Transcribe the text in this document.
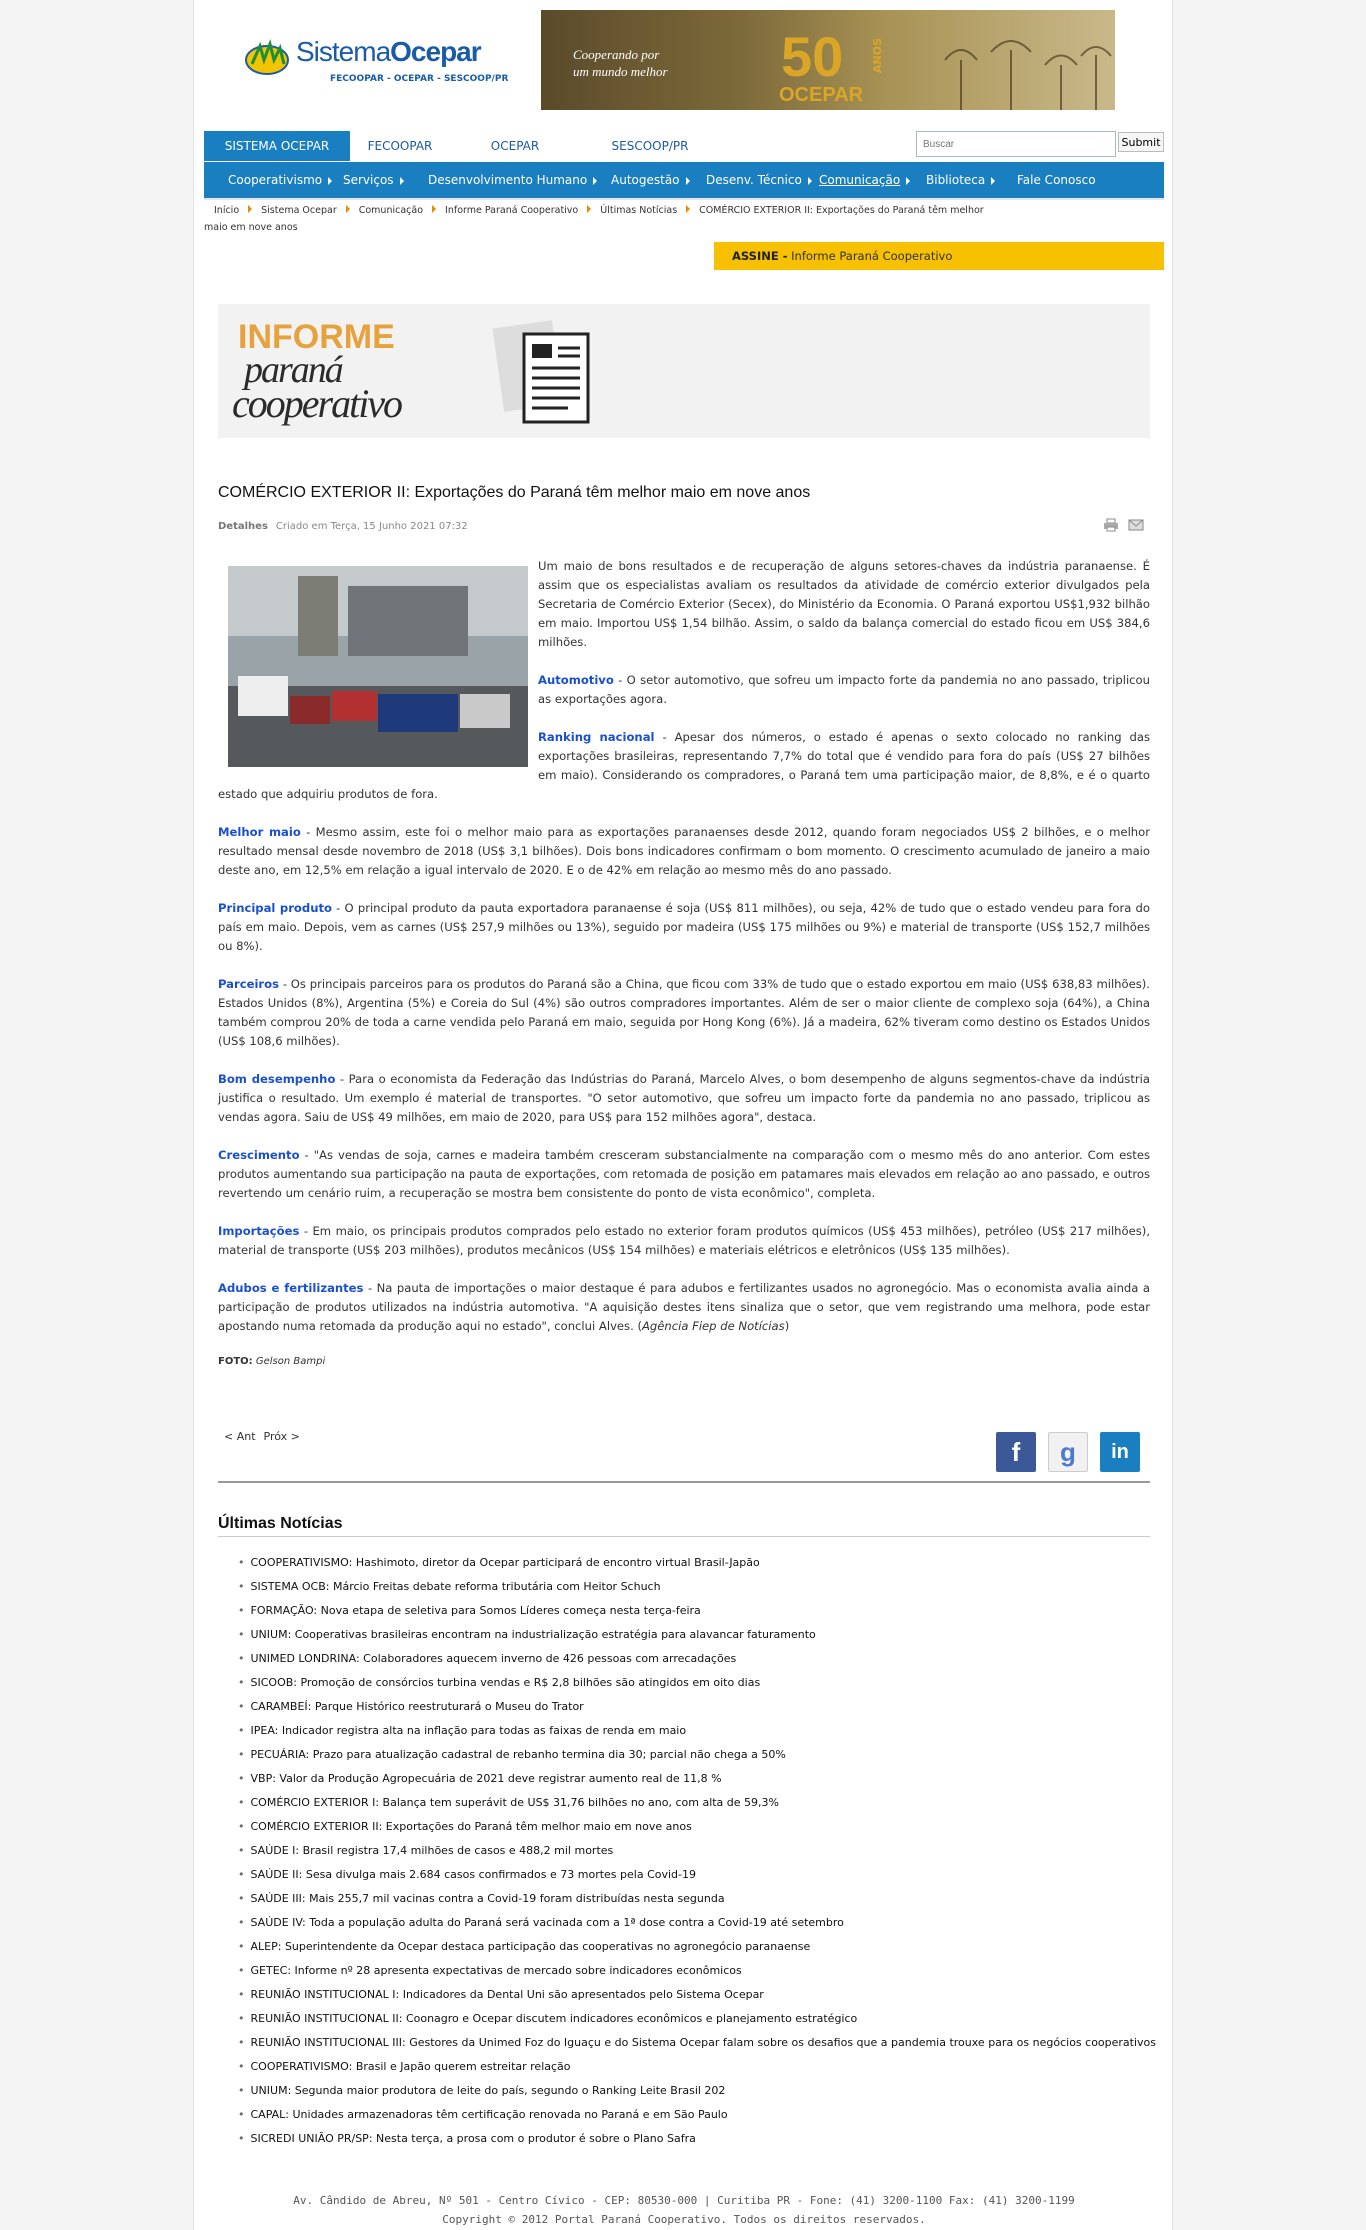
SistemaOcepar
FECOOPAR - OCEPAR - SESCOOP/PR
Cooperando por
um mundo melhor 50	ANOS
OCEPAR
SISTEMA OCEPAR	FECOOPAR	OCEPAR	SESCOOP/PR
Buscar	Submit
Cooperativismo	Serviços	Desenvolvimento Humano	Autogestão	Desenv. Técnico	Comunicação	Biblioteca	Fale Conosco
Início Sistema Ocepar Comunicação Informe Paraná Cooperativo Últimas Notícias COMÉRCIO EXTERIOR II: Exportações do Paraná têm melhor maio em nove anos
ASSINE - Informe Paraná Cooperativo
INFORME
paraná
cooperativo
COMÉRCIO EXTERIOR II: Exportações do Paraná têm melhor maio em nove anos
Detalhes Criado em Terça, 15 Junho 2021 07:32

Um maio de bons resultados e de recuperação de alguns setores-chaves da indústria paranaense. É assim que os especialistas avaliam os resultados da atividade de comércio exterior divulgados pela Secretaria de Comércio Exterior (Secex), do Ministério da Economia. O Paraná exportou US$1,932 bilhão em maio. Importou US$ 1,54 bilhão. Assim, o saldo da balança comercial do estado ficou em US$ 384,6 milhões.

Automotivo - O setor automotivo, que sofreu um impacto forte da pandemia no ano passado, triplicou as exportações agora.

Ranking nacional - Apesar dos números, o estado é apenas o sexto colocado no ranking das exportações brasileiras, representando 7,7% do total que é vendido para fora do país (US$ 27 bilhões em maio). Considerando os compradores, o Paraná tem uma participação maior, de 8,8%, e é o quarto estado que adquiriu produtos de fora.

Melhor maio - Mesmo assim, este foi o melhor maio para as exportações paranaenses desde 2012, quando foram negociados US$ 2 bilhões, e o melhor resultado mensal desde novembro de 2018 (US$ 3,1 bilhões). Dois bons indicadores confirmam o bom momento. O crescimento acumulado de janeiro a maio deste ano, em 12,5% em relação a igual intervalo de 2020. E o de 42% em relação ao mesmo mês do ano passado.

Principal produto - O principal produto da pauta exportadora paranaense é soja (US$ 811 milhões), ou seja, 42% de tudo que o estado vendeu para fora do país em maio. Depois, vem as carnes (US$ 257,9 milhões ou 13%), seguido por madeira (US$ 175 milhões ou 9%) e material de transporte (US$ 152,7 milhões ou 8%).

Parceiros - Os principais parceiros para os produtos do Paraná são a China, que ficou com 33% de tudo que o estado exportou em maio (US$ 638,83 milhões). Estados Unidos (8%), Argentina (5%) e Coreia do Sul (4%) são outros compradores importantes. Além de ser o maior cliente de complexo soja (64%), a China também comprou 20% de toda a carne vendida pelo Paraná em maio, seguida por Hong Kong (6%). Já a madeira, 62% tiveram como destino os Estados Unidos (US$ 108,6 milhões).

Bom desempenho - Para o economista da Federação das Indústrias do Paraná, Marcelo Alves, o bom desempenho de alguns segmentos-chave da indústria justifica o resultado. Um exemplo é material de transportes. "O setor automotivo, que sofreu um impacto forte da pandemia no ano passado, triplicou as vendas agora. Saiu de US$ 49 milhões, em maio de 2020, para US$ para 152 milhões agora", destaca.

Crescimento - "As vendas de soja, carnes e madeira também cresceram substancialmente na comparação com o mesmo mês do ano anterior. Com estes produtos aumentando sua participação na pauta de exportações, com retomada de posição em patamares mais elevados em relação ao ano passado, e outros revertendo um cenário ruim, a recuperação se mostra bem consistente do ponto de vista econômico", completa.

Importações - Em maio, os principais produtos comprados pelo estado no exterior foram produtos químicos (US$ 453 milhões), petróleo (US$ 217 milhões), material de transporte (US$ 203 milhões), produtos mecânicos (US$ 154 milhões) e materiais elétricos e eletrônicos (US$ 135 milhões).

Adubos e fertilizantes - Na pauta de importações o maior destaque é para adubos e fertilizantes usados no agronegócio. Mas o economista avalia ainda a participação de produtos utilizados na indústria automotiva. "A aquisição destes itens sinaliza que o setor, que vem registrando uma melhora, pode estar apostando numa retomada da produção aqui no estado", conclui Alves. (Agência Fiep de Notícias)

FOTO: Gelson Bampi
< Ant Próx >
f	g	in
Últimas Notícias
• COOPERATIVISMO: Hashimoto, diretor da Ocepar participará de encontro virtual Brasil-Japão
• SISTEMA OCB: Márcio Freitas debate reforma tributária com Heitor Schuch
• FORMAÇÃO: Nova etapa de seletiva para Somos Líderes começa nesta terça-feira
• UNIUM: Cooperativas brasileiras encontram na industrialização estratégia para alavancar faturamento
• UNIMED LONDRINA: Colaboradores aquecem inverno de 426 pessoas com arrecadações
• SICOOB: Promoção de consórcios turbina vendas e R$ 2,8 bilhões são atingidos em oito dias
• CARAMBEÍ: Parque Histórico reestruturará o Museu do Trator
• IPEA: Indicador registra alta na inflação para todas as faixas de renda em maio
• PECUÁRIA: Prazo para atualização cadastral de rebanho termina dia 30; parcial não chega a 50%
• VBP: Valor da Produção Agropecuária de 2021 deve registrar aumento real de 11,8 %
• COMÉRCIO EXTERIOR I: Balança tem superávit de US$ 31,76 bilhões no ano, com alta de 59,3%
• COMÉRCIO EXTERIOR II: Exportações do Paraná têm melhor maio em nove anos
• SAÚDE I: Brasil registra 17,4 milhões de casos e 488,2 mil mortes
• SAÚDE II: Sesa divulga mais 2.684 casos confirmados e 73 mortes pela Covid-19
• SAÚDE III: Mais 255,7 mil vacinas contra a Covid-19 foram distribuídas nesta segunda
• SAÚDE IV: Toda a população adulta do Paraná será vacinada com a 1ª dose contra a Covid-19 até setembro
• ALEP: Superintendente da Ocepar destaca participação das cooperativas no agronegócio paranaense
• GETEC: Informe nº 28 apresenta expectativas de mercado sobre indicadores econômicos
• REUNIÃO INSTITUCIONAL I: Indicadores da Dental Uni são apresentados pelo Sistema Ocepar
• REUNIÃO INSTITUCIONAL II: Coonagro e Ocepar discutem indicadores econômicos e planejamento estratégico
• REUNIÃO INSTITUCIONAL III: Gestores da Unimed Foz do Iguaçu e do Sistema Ocepar falam sobre os desafios que a pandemia trouxe para os negócios cooperativos
• COOPERATIVISMO: Brasil e Japão querem estreitar relação
• UNIUM: Segunda maior produtora de leite do país, segundo o Ranking Leite Brasil 202
• CAPAL: Unidades armazenadoras têm certificação renovada no Paraná e em São Paulo
• SICREDI UNIÃO PR/SP: Nesta terça, a prosa com o produtor é sobre o Plano Safra
Av. Cândido de Abreu, Nº 501 - Centro Cívico - CEP: 80530-000 | Curitiba PR - Fone: (41) 3200-1100 Fax: (41) 3200-1199
Copyright © 2012 Portal Paraná Cooperativo. Todos os direitos reservados.
